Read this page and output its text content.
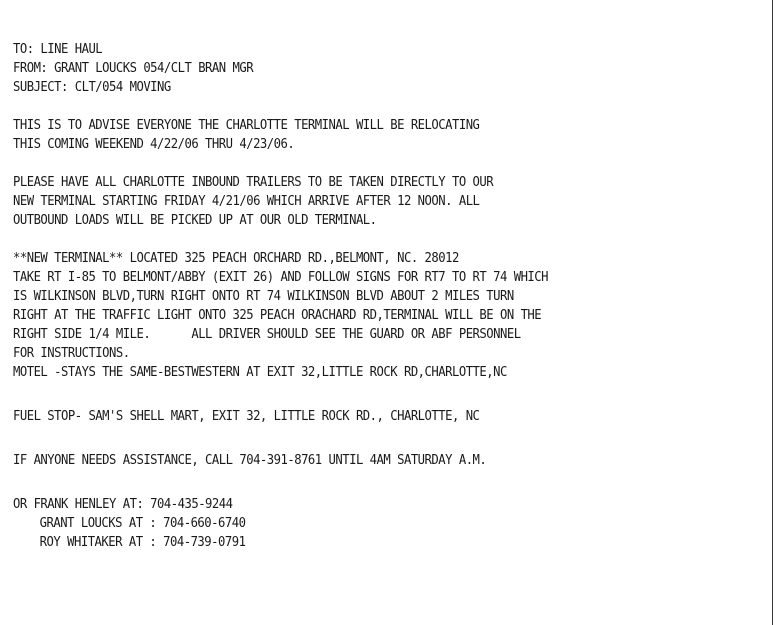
TO: LINE HAUL
FROM: GRANT LOUCKS 054/CLT BRAN MGR
SUBJECT: CLT/054 MOVING
THIS IS TO ADVISE EVERYONE THE CHARLOTTE TERMINAL WILL BE RELOCATING
THIS COMING WEEKEND 4/22/06 THRU 4/23/06.
PLEASE HAVE ALL CHARLOTTE INBOUND TRAILERS TO BE TAKEN DIRECTLY TO OUR
NEW TERMINAL STARTING FRIDAY 4/21/06 WHICH ARRIVE AFTER 12 NOON. ALL
OUTBOUND LOADS WILL BE PICKED UP AT OUR OLD TERMINAL.
**NEW TERMINAL** LOCATED 325 PEACH ORCHARD RD.,BELMONT, NC. 28012
TAKE RT I-85 TO BELMONT/ABBY (EXIT 26) AND FOLLOW SIGNS FOR RT7 TO RT 74 WHICH
IS WILKINSON BLVD,TURN RIGHT ONTO RT 74 WILKINSON BLVD ABOUT 2 MILES TURN
RIGHT AT THE TRAFFIC LIGHT ONTO 325 PEACH ORACHARD RD,TERMINAL WILL BE ON THE
RIGHT SIDE 1/4 MILE.      ALL DRIVER SHOULD SEE THE GUARD OR ABF PERSONNEL
FOR INSTRUCTIONS.
MOTEL -STAYS THE SAME-BESTWESTERN AT EXIT 32,LITTLE ROCK RD,CHARLOTTE,NC
FUEL STOP- SAM'S SHELL MART, EXIT 32, LITTLE ROCK RD., CHARLOTTE, NC
IF ANYONE NEEDS ASSISTANCE, CALL 704-391-8761 UNTIL 4AM SATURDAY A.M.
OR FRANK HENLEY AT: 704-435-9244
GRANT LOUCKS AT : 704-660-6740
ROY WHITAKER AT : 704-739-0791
